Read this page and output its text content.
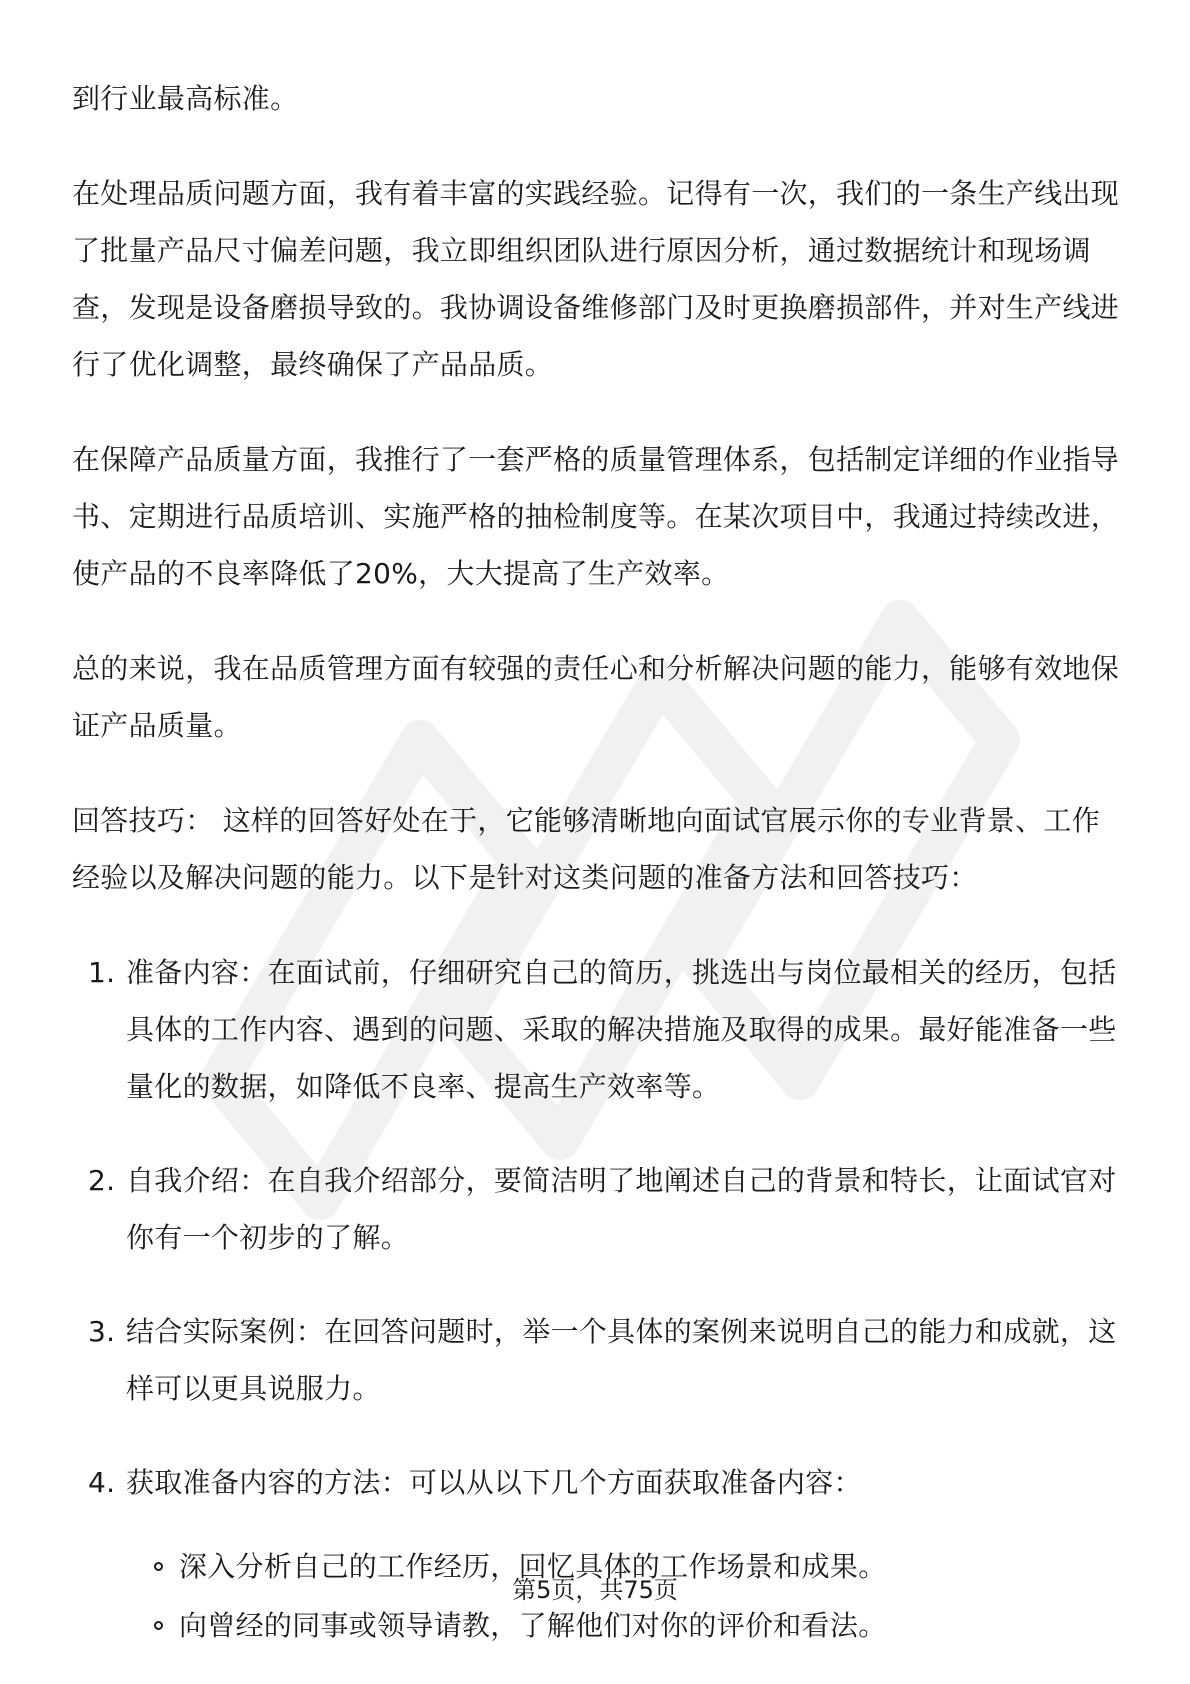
到行业最高标准。

在处理品质问题方面，我有着丰富的实践经验。记得有一次，我们的一条生产线出现了批量产品尺寸偏差问题，我立即组织团队进行原因分析，通过数据统计和现场调查，发现是设备磨损导致的。我协调设备维修部门及时更换磨损部件，并对生产线进行了优化调整，最终确保了产品品质。

在保障产品质量方面，我推行了一套严格的质量管理体系，包括制定详细的作业指导书、定期进行品质培训、实施严格的抽检制度等。在某次项目中，我通过持续改进，使产品的不良率降低了20%，大大提高了生产效率。

总的来说，我在品质管理方面有较强的责任心和分析解决问题的能力，能够有效地保证产品质量。

回答技巧： 这样的回答好处在于，它能够清晰地向面试官展示你的专业背景、工作经验以及解决问题的能力。以下是针对这类问题的准备方法和回答技巧：

1. 准备内容：在面试前，仔细研究自己的简历，挑选出与岗位最相关的经历，包括具体的工作内容、遇到的问题、采取的解决措施及取得的成果。最好能准备一些量化的数据，如降低不良率、提高生产效率等。
2. 自我介绍：在自我介绍部分，要简洁明了地阐述自己的背景和特长，让面试官对你有一个初步的了解。
3. 结合实际案例：在回答问题时，举一个具体的案例来说明自己的能力和成就，这样可以更具说服力。
4. 获取准备内容的方法：可以从以下几个方面获取准备内容：
深入分析自己的工作经历，回忆具体的工作场景和成果。
向曾经的同事或领导请教，了解他们对你的评价和看法。
第5页，共75页
